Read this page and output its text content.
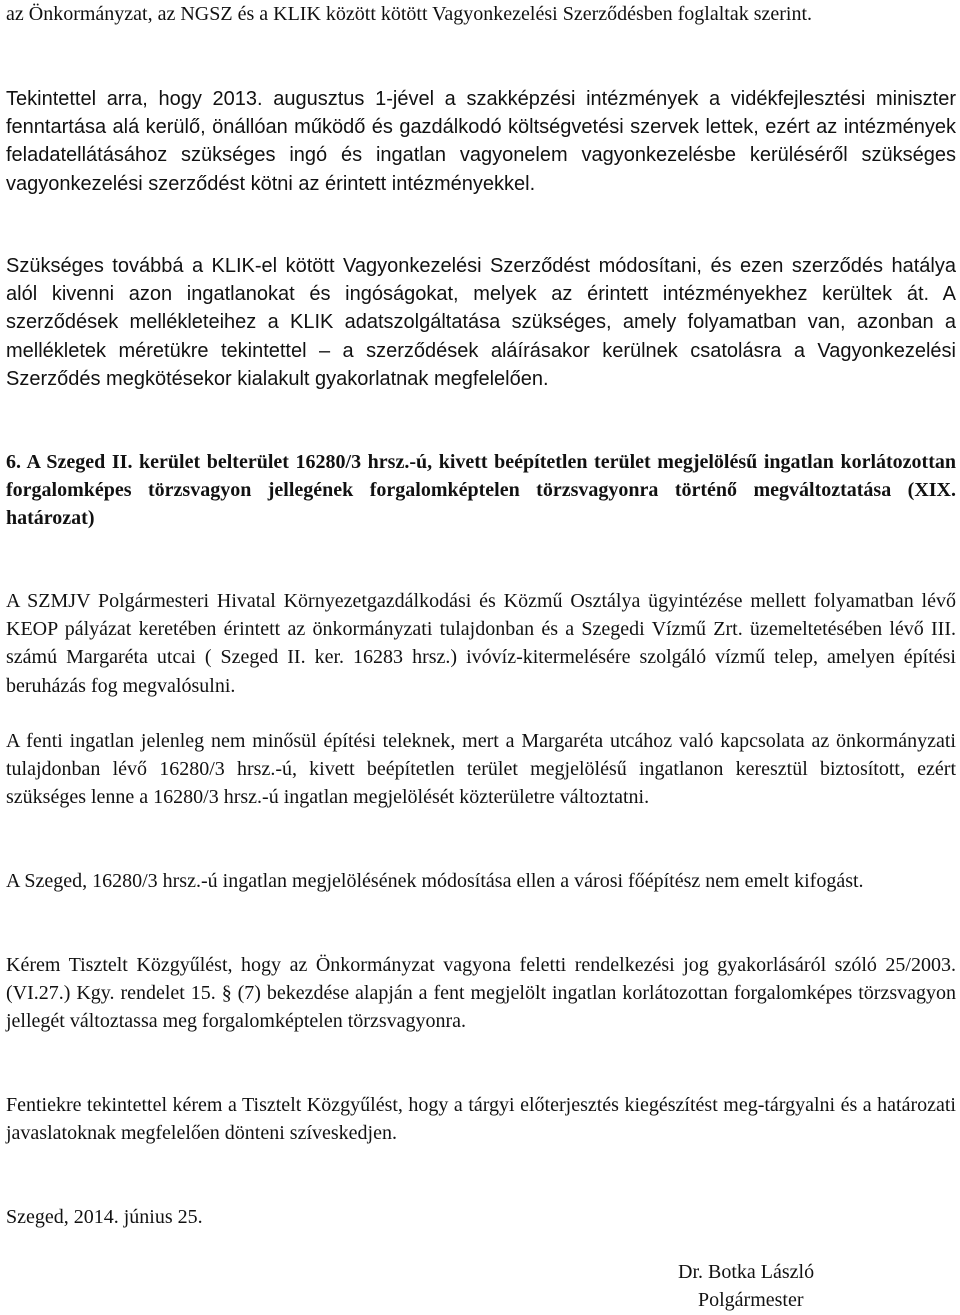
az Önkormányzat, az NGSZ és a KLIK között kötött Vagyonkezelési Szerződésben foglaltak szerint.

Tekintettel arra, hogy 2013. augusztus 1-jével a szakképzési intézmények a vidékfejlesztési miniszter fenntartása alá kerülő, önállóan működő és gazdálkodó költségvetési szervek lettek, ezért az intézmények feladatellátásához szükséges ingó és ingatlan vagyonelem vagyonkezelésbe kerüléséről szükséges vagyonkezelési szerződést kötni az érintett intézményekkel.

Szükséges továbbá a KLIK-el kötött Vagyonkezelési Szerződést módosítani, és ezen szerződés hatálya alól kivenni azon ingatlanokat és ingóságokat, melyek az érintett intézményekhez kerültek át. A szerződések mellékleteihez a KLIK adatszolgáltatása szükséges, amely folyamatban van, azonban a mellékletek méretükre tekintettel – a szerződések aláírásakor kerülnek csatolásra a Vagyonkezelési Szerződés megkötésekor kialakult gyakorlatnak megfelelően.

6. A Szeged II. kerület belterület 16280/3 hrsz.-ú, kivett beépítetlen terület megjelölésű ingatlan korlátozottan forgalomképes törzsvagyon jellegének forgalomképtelen törzsvagyonra történő megváltoztatása (XIX. határozat)

A SZMJV Polgármesteri Hivatal Környezetgazdálkodási és Közmű Osztálya ügyintézése mellett folyamatban lévő KEOP pályázat keretében érintett az önkormányzati tulajdonban és a Szegedi Vízmű Zrt. üzemeltetésében lévő III. számú Margaréta utcai ( Szeged II. ker. 16283 hrsz.) ivóvíz-kitermelésére szolgáló vízmű telep, amelyen építési beruházás fog megvalósulni.

A fenti ingatlan jelenleg nem minősül építési teleknek, mert a Margaréta utcához való kapcsolata az önkormányzati tulajdonban lévő 16280/3 hrsz.-ú, kivett beépítetlen terület megjelölésű ingatlanon keresztül biztosított, ezért szükséges lenne a 16280/3 hrsz.-ú ingatlan megjelölését közterületre változtatni.

A Szeged, 16280/3 hrsz.-ú ingatlan megjelölésének módosítása ellen a városi főépítész nem emelt kifogást.

Kérem Tisztelt Közgyűlést, hogy az Önkormányzat vagyona feletti rendelkezési jog gyakorlásáról szóló 25/2003. (VI.27.) Kgy. rendelet 15. § (7) bekezdése alapján a fent megjelölt ingatlan korlátozottan forgalomképes törzsvagyon jellegét változtassa meg forgalomképtelen törzsvagyonra.

Fentiekre tekintettel kérem a Tisztelt Közgyűlést, hogy a tárgyi előterjesztés kiegészítést meg-tárgyalni és a határozati javaslatoknak megfelelően dönteni szíveskedjen.

Szeged, 2014. június 25.

Dr. Botka László
Polgármester
